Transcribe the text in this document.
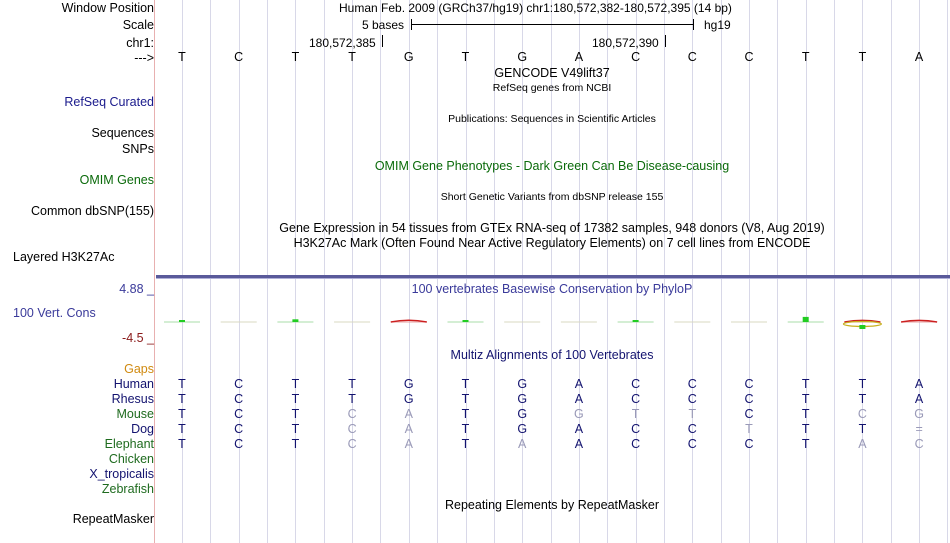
Window Position	Human Feb. 2009 (GRCh37/hg19) chr1:180,572,382-180,572,395 (14 bp)
Scale	5 bases	hg19
chr1:	180,572,385	180,572,390
---> T	C	T	T	G	T	G	A	C	C	C	T	T	A
GENCODE V49lift37
RefSeq genes from NCBI
RefSeq Curated
Publications: Sequences in Scientific Articles
Sequences
SNPs
OMIM Gene Phenotypes - Dark Green Can Be Disease-causing
OMIM Genes
Short Genetic Variants from dbSNP release 155
Common dbSNP(155)
Gene Expression in 54 tissues from GTEx RNA-seq of 17382 samples, 948 donors (V8, Aug 2019)
H3K27Ac Mark (Often Found Near Active Regulatory Elements) on 7 cell lines from ENCODE
Layered H3K27Ac
4.88 _	100 vertebrates Basewise Conservation by PhyloP
100 Vert. Cons
-4.5 _
Multiz Alignments of 100 Vertebrates
Gaps
Human T	C	T	T	G	T	G	A	C	C	C	T	T	A
Rhesus T	C	T	T	G	T	G	A	C	C	C	T	T	A
Mouse T	C	T	C	A	T	G	G	T	T	C	T	C	G
Dog T	C	T	C	A	T	G	A	C	C	T	T	T	=
Elephant T	C	T	C	A	T	A	A	C	C	C	T	A	C
Chicken
X_tropicalis
Zebrafish
Repeating Elements by RepeatMasker
RepeatMasker
